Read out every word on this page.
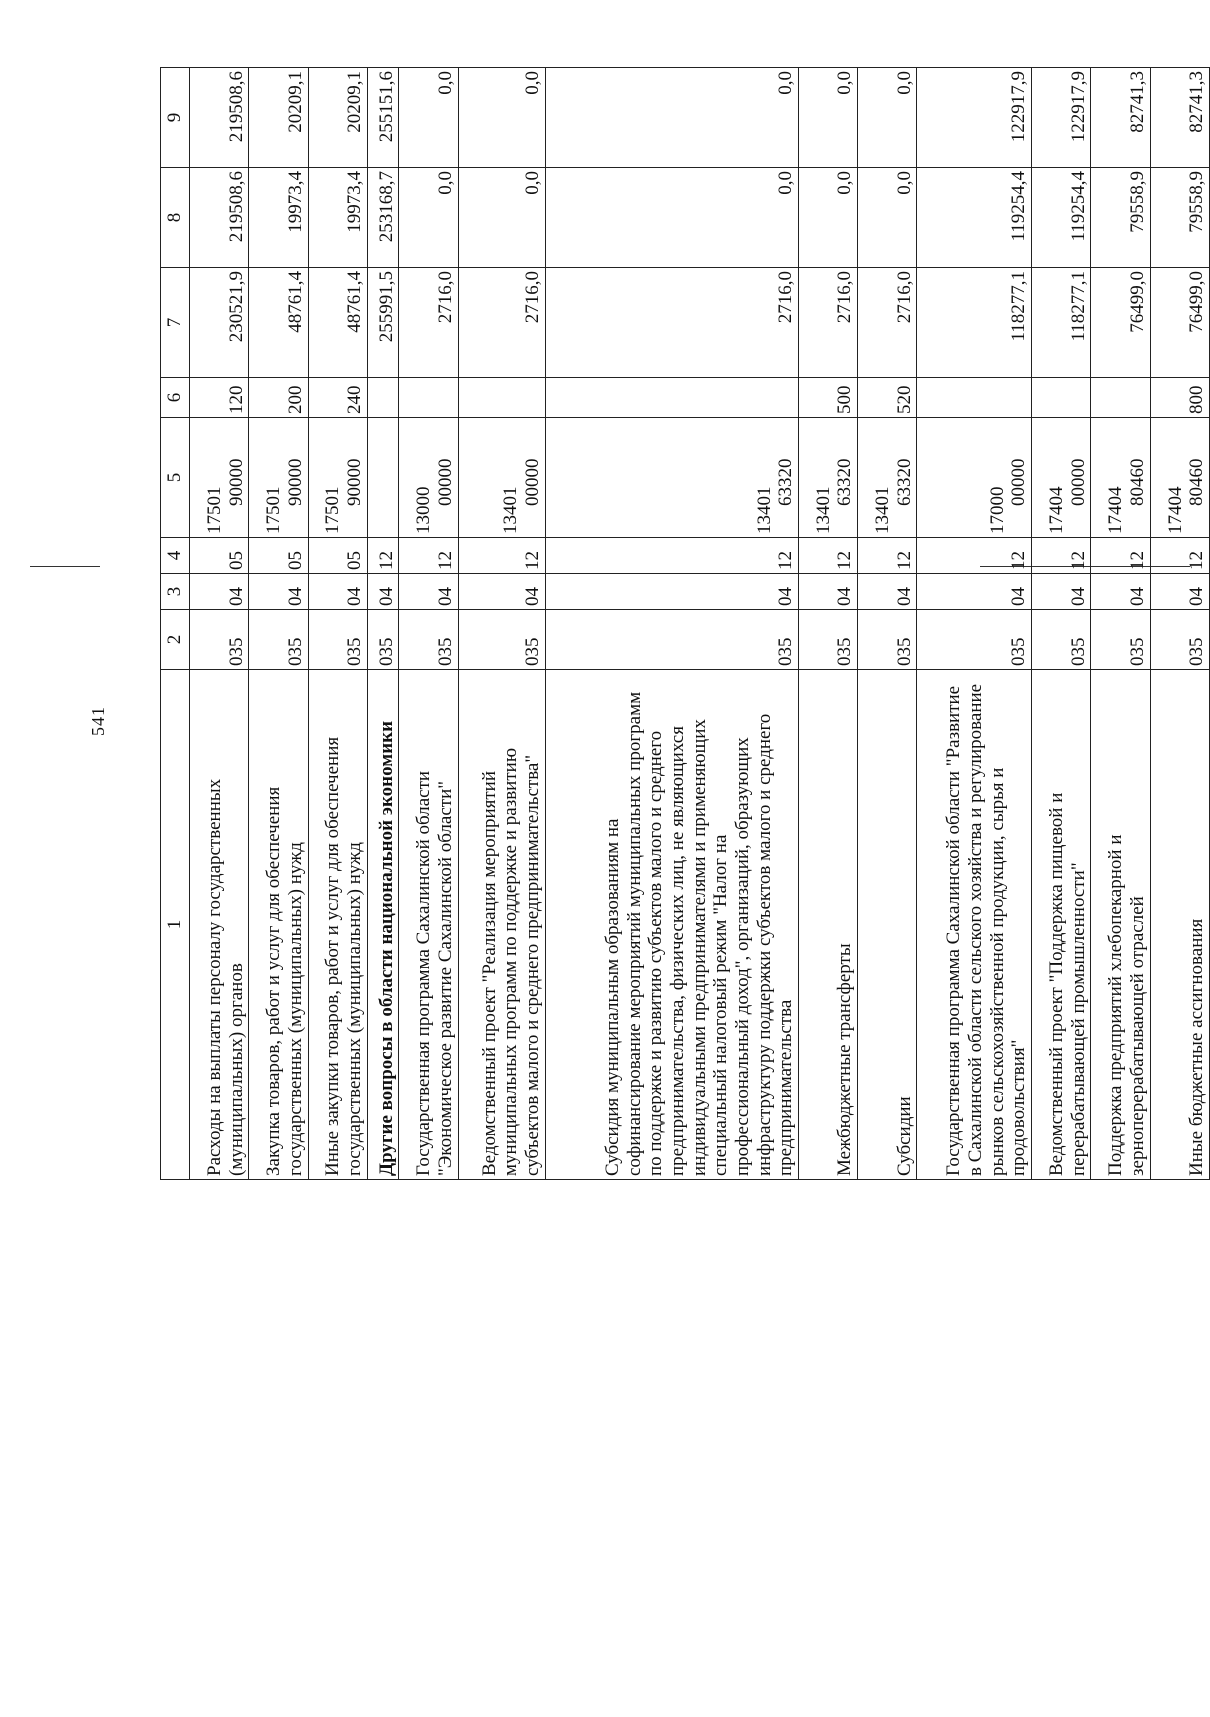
541
1	2	3	4	5	6	7	8	9
Расходы на выплаты персоналу государственных (муниципальных) органов	035	04	05	1750190000	120	230521,9	219508,6	219508,6
Закупка товаров, работ и услуг для обеспечения государственных (муниципальных) нужд	035	04	05	1750190000	200	48761,4	19973,4	20209,1
Иные закупки товаров, работ и услуг для обеспечения государственных (муниципальных) нужд	035	04	05	1750190000	240	48761,4	19973,4	20209,1
Другие вопросы в области национальной экономики	035	04	12			255991,5	253168,7	255151,6
Государственная программа Сахалинской области "Экономическое развитие Сахалинской области"	035	04	12	1300000000		2716,0	0,0	0,0
Ведомственный проект "Реализация мероприятий муниципальных программ по поддержке и развитию субъектов малого и среднего предпринимательства"	035	04	12	1340100000		2716,0	0,0	0,0
Субсидия муниципальным образованиям на софинансирование мероприятий муниципальных программ по поддержке и развитию субъектов малого и среднего предпринимательства, физических лиц, не являющихся индивидуальными предпринимателями и применяющих специальный налоговый режим "Налог на профессиональный доход", организаций, образующих инфраструктуру поддержки субъектов малого и среднего предпринимательства	035	04	12	1340163320		2716,0	0,0	0,0
Межбюджетные трансферты	035	04	12	1340163320	500	2716,0	0,0	0,0
Субсидии	035	04	12	1340163320	520	2716,0	0,0	0,0
Государственная программа Сахалинской области "Развитие в Сахалинской области сельского хозяйства и регулирование рынков сельскохозяйственной продукции, сырья и продовольствия"	035	04	12	1700000000		118277,1	119254,4	122917,9
Ведомственный проект "Поддержка пищевой и перерабатывающей промышленности"	035	04	12	1740400000		118277,1	119254,4	122917,9
Поддержка предприятий хлебопекарной и зерноперерабатывающей отраслей	035	04	12	1740480460		76499,0	79558,9	82741,3
Иные бюджетные ассигнования	035	04	12	1740480460	800	76499,0	79558,9	82741,3
